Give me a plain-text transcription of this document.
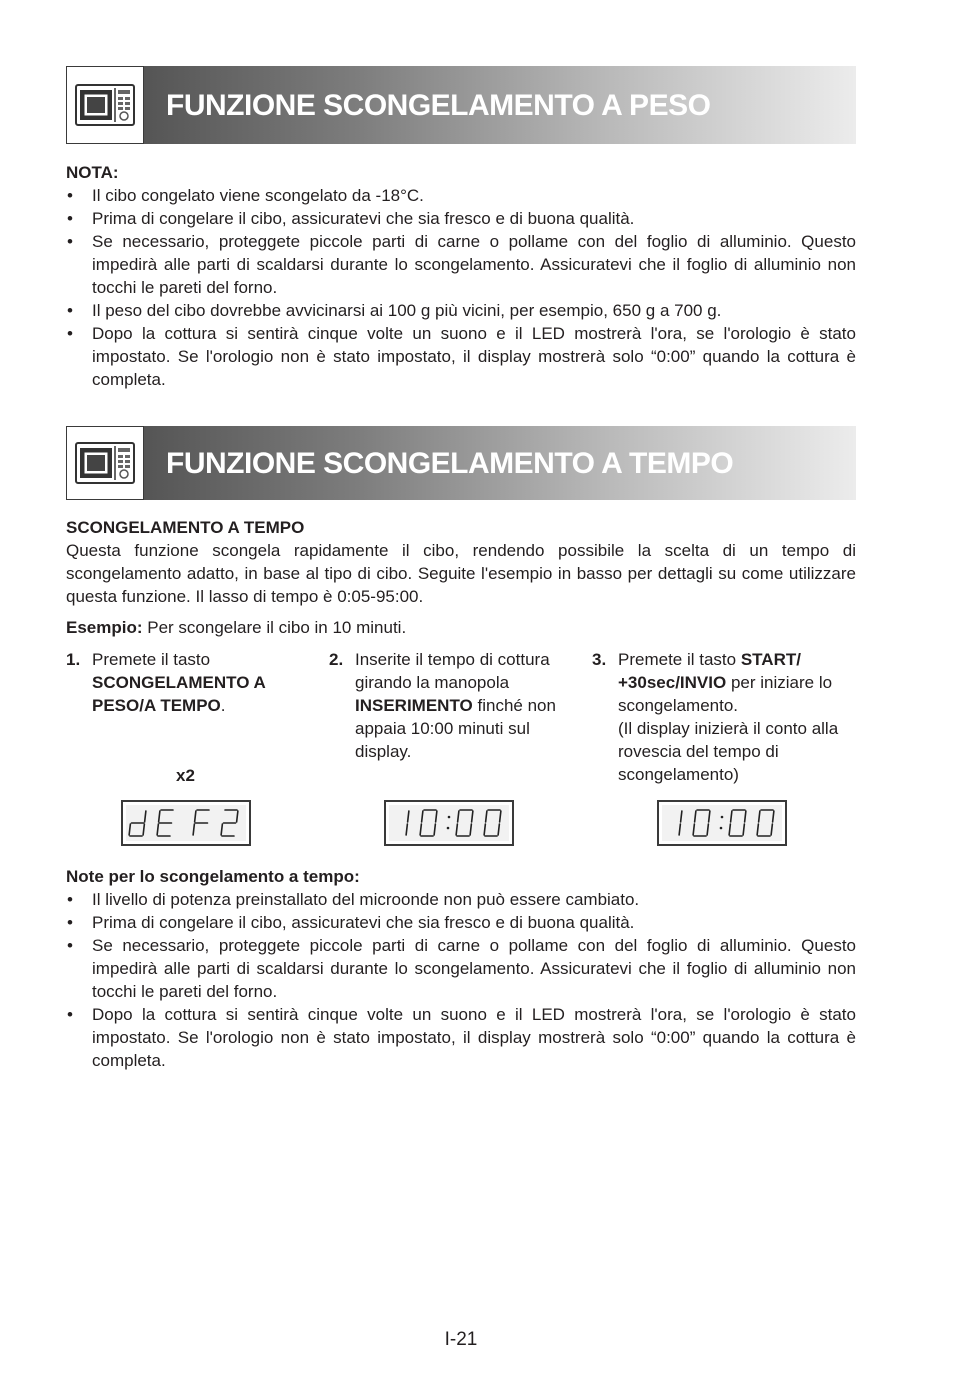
FUNZIONE SCONGELAMENTO A PESO
NOTA:
• Il cibo congelato viene scongelato da -18°C.
• Prima di congelare il cibo, assicuratevi che sia fresco e di buona qualità.
• Se necessario, proteggete piccole parti di carne o pollame con del foglio di alluminio. Questo impedirà alle parti di scaldarsi durante lo scongelamento. Assicuratevi che il foglio di alluminio non tocchi le pareti del forno.
• Il peso del cibo dovrebbe avvicinarsi ai 100 g più vicini, per esempio, 650 g a 700 g.
• Dopo la cottura si sentirà cinque volte un suono e il LED mostrerà l'ora, se l'orologio è stato impostato. Se l'orologio non è stato impostato, il display mostrerà solo “0:00” quando la cottura è completa.
FUNZIONE SCONGELAMENTO A TEMPO
SCONGELAMENTO A TEMPO

Questa funzione scongela rapidamente il cibo, rendendo possibile la scelta di un tempo di scongelamento adatto, in base al tipo di cibo. Seguite l'esempio in basso per dettagli su come utilizzare questa funzione. Il lasso di tempo è 0:05-95:00.

Esempio: Per scongelare il cibo in 10 minuti.

1. Premete il tasto SCONGELAMENTO A PESO/A TEMPO.
x2
2. Inserite il tempo di cottura girando la manopola INSERIMENTO finché non appaia 10:00 minuti sul display.
3. Premete il tasto START/ +30sec/INVIO per iniziare lo scongelamento.
(Il display inizierà il conto alla rovescia del tempo di scongelamento)
Note per lo scongelamento a tempo:
• Il livello di potenza preinstallato del microonde non può essere cambiato.
• Prima di congelare il cibo, assicuratevi che sia fresco e di buona qualità.
• Se necessario, proteggete piccole parti di carne o pollame con del foglio di alluminio. Questo impedirà alle parti di scaldarsi durante lo scongelamento. Assicuratevi che il foglio di alluminio non tocchi le pareti del forno.
• Dopo la cottura si sentirà cinque volte un suono e il LED mostrerà l'ora, se l'orologio è stato impostato. Se l'orologio non è stato impostato, il display mostrerà solo “0:00” quando la cottura è completa.
I-21
